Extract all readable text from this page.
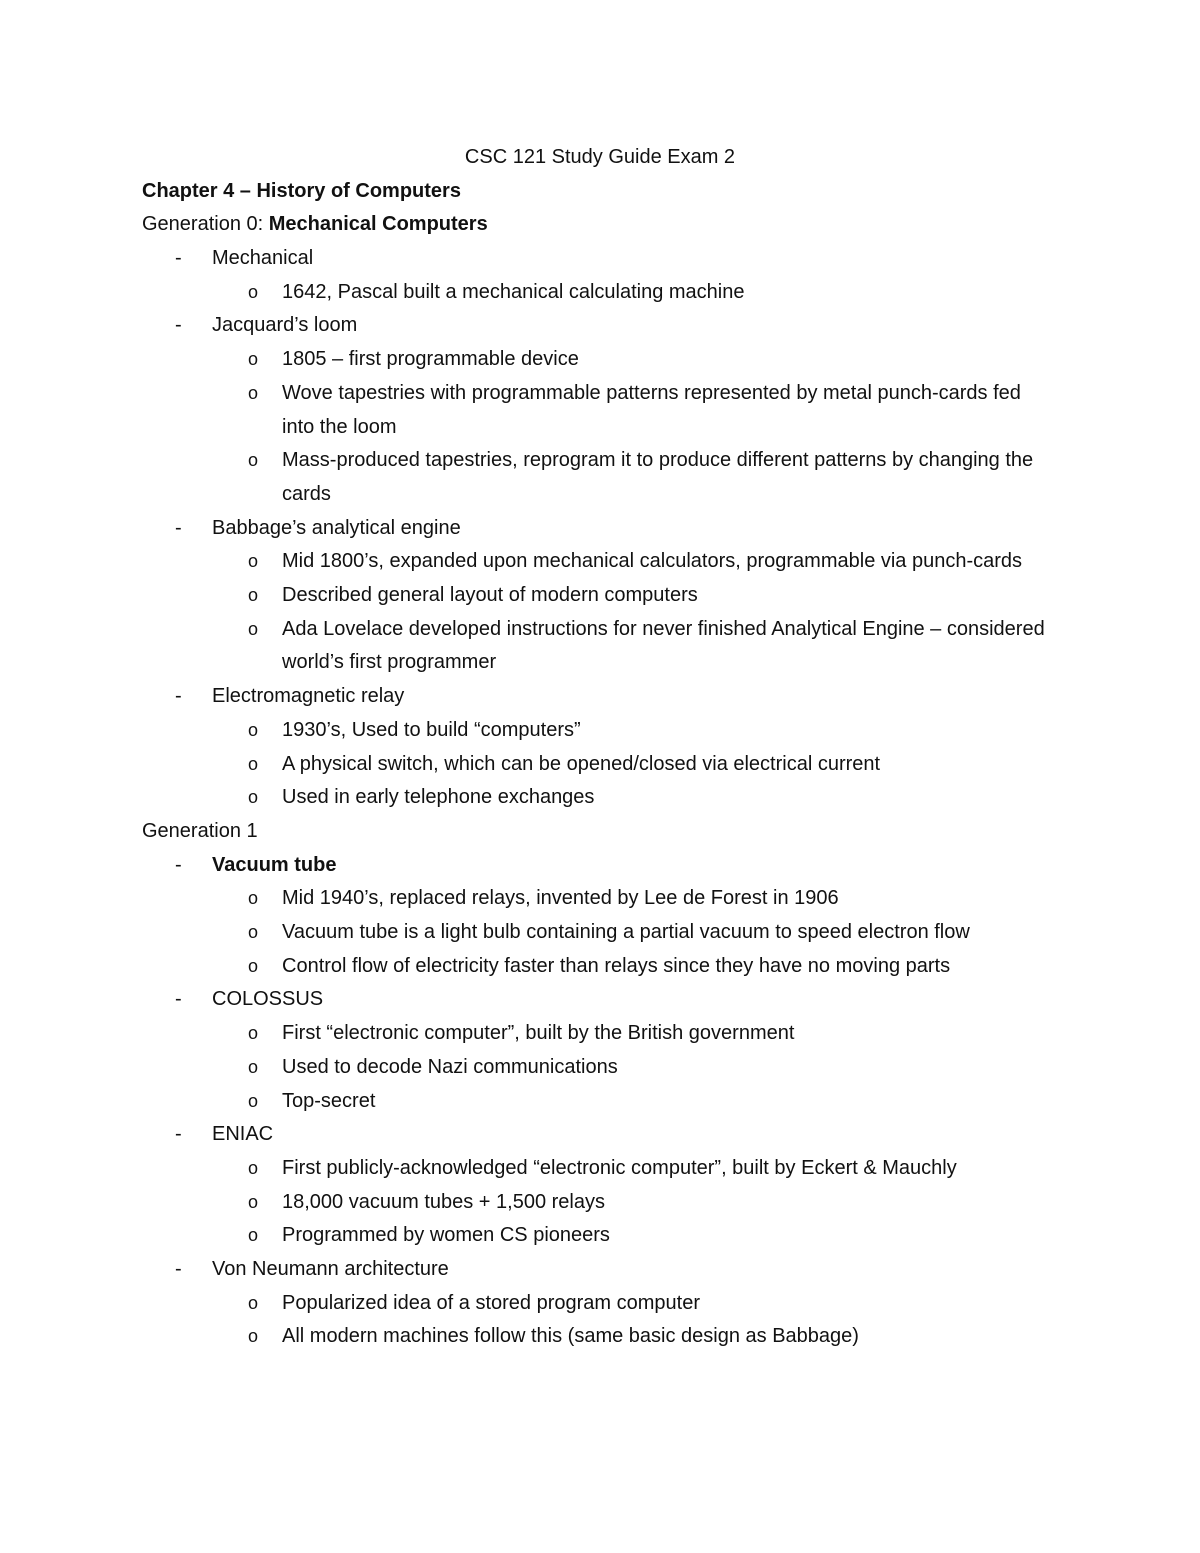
CSC 121 Study Guide Exam 2
Chapter 4 – History of Computers
Generation 0: Mechanical Computers
- Mechanical
o 1642, Pascal built a mechanical calculating machine
- Jacquard’s loom
o 1805 – first programmable device
o Wove tapestries with programmable patterns represented by metal punch-cards fed into the loom
o Mass-produced tapestries, reprogram it to produce different patterns by changing the cards
- Babbage’s analytical engine
o Mid 1800’s, expanded upon mechanical calculators, programmable via punch-cards
o Described general layout of modern computers
o Ada Lovelace developed instructions for never finished Analytical Engine – considered world’s first programmer
- Electromagnetic relay
o 1930’s, Used to build “computers”
o A physical switch, which can be opened/closed via electrical current
o Used in early telephone exchanges
Generation 1
- Vacuum tube
o Mid 1940’s, replaced relays, invented by Lee de Forest in 1906
o Vacuum tube is a light bulb containing a partial vacuum to speed electron flow
o Control flow of electricity faster than relays since they have no moving parts
- COLOSSUS
o First “electronic computer”, built by the British government
o Used to decode Nazi communications
o Top-secret
- ENIAC
o First publicly-acknowledged “electronic computer”, built by Eckert & Mauchly
o 18,000 vacuum tubes + 1,500 relays
o Programmed by women CS pioneers
- Von Neumann architecture
o Popularized idea of a stored program computer
o All modern machines follow this (same basic design as Babbage)
